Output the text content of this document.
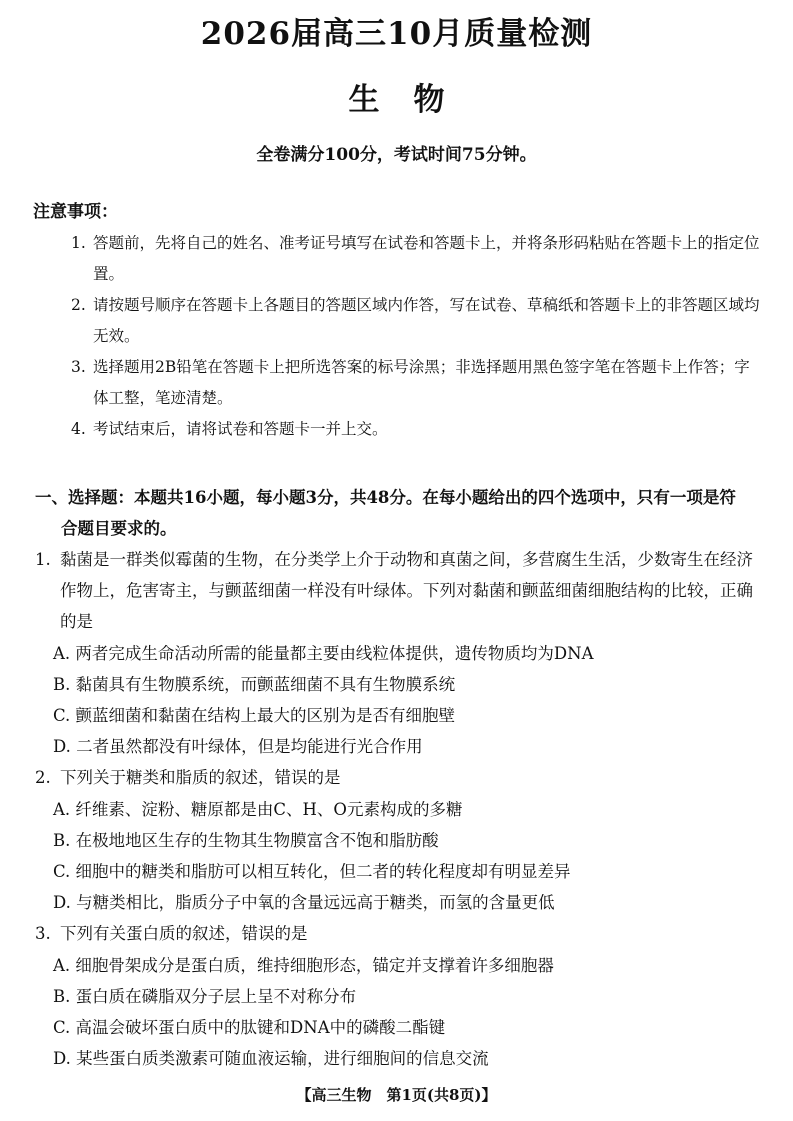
2026届高三10月质量检测
生物
全卷满分100分，考试时间75分钟。
注意事项：
1. 答题前，先将自己的姓名、准考证号填写在试卷和答题卡上，并将条形码粘贴在答题卡上的指定位置。
2. 请按题号顺序在答题卡上各题目的答题区域内作答，写在试卷、草稿纸和答题卡上的非答题区域均无效。
3. 选择题用2B铅笔在答题卡上把所选答案的标号涂黑；非选择题用黑色签字笔在答题卡上作答；字体工整，笔迹清楚。
4. 考试结束后，请将试卷和答题卡一并上交。
一、选择题：本题共16小题，每小题3分，共48分。在每小题给出的四个选项中，只有一项是符
合题目要求的。
1. 黏菌是一群类似霉菌的生物，在分类学上介于动物和真菌之间，多营腐生生活，少数寄生在经济作物上，危害寄主，与颤蓝细菌一样没有叶绿体。下列对黏菌和颤蓝细菌细胞结构的比较，正确的是
A. 两者完成生命活动所需的能量都主要由线粒体提供，遗传物质均为DNA
B. 黏菌具有生物膜系统，而颤蓝细菌不具有生物膜系统
C. 颤蓝细菌和黏菌在结构上最大的区别为是否有细胞壁
D. 二者虽然都没有叶绿体，但是均能进行光合作用
2. 下列关于糖类和脂质的叙述，错误的是
A. 纤维素、淀粉、糖原都是由C、H、O元素构成的多糖
B. 在极地地区生存的生物其生物膜富含不饱和脂肪酸
C. 细胞中的糖类和脂肪可以相互转化，但二者的转化程度却有明显差异
D. 与糖类相比，脂质分子中氧的含量远远高于糖类，而氢的含量更低
3. 下列有关蛋白质的叙述，错误的是
A. 细胞骨架成分是蛋白质，维持细胞形态，锚定并支撑着许多细胞器
B. 蛋白质在磷脂双分子层上呈不对称分布
C. 高温会破坏蛋白质中的肽键和DNA中的磷酸二酯键
D. 某些蛋白质类激素可随血液运输，进行细胞间的信息交流
【高三生物　第1页(共8页)】
